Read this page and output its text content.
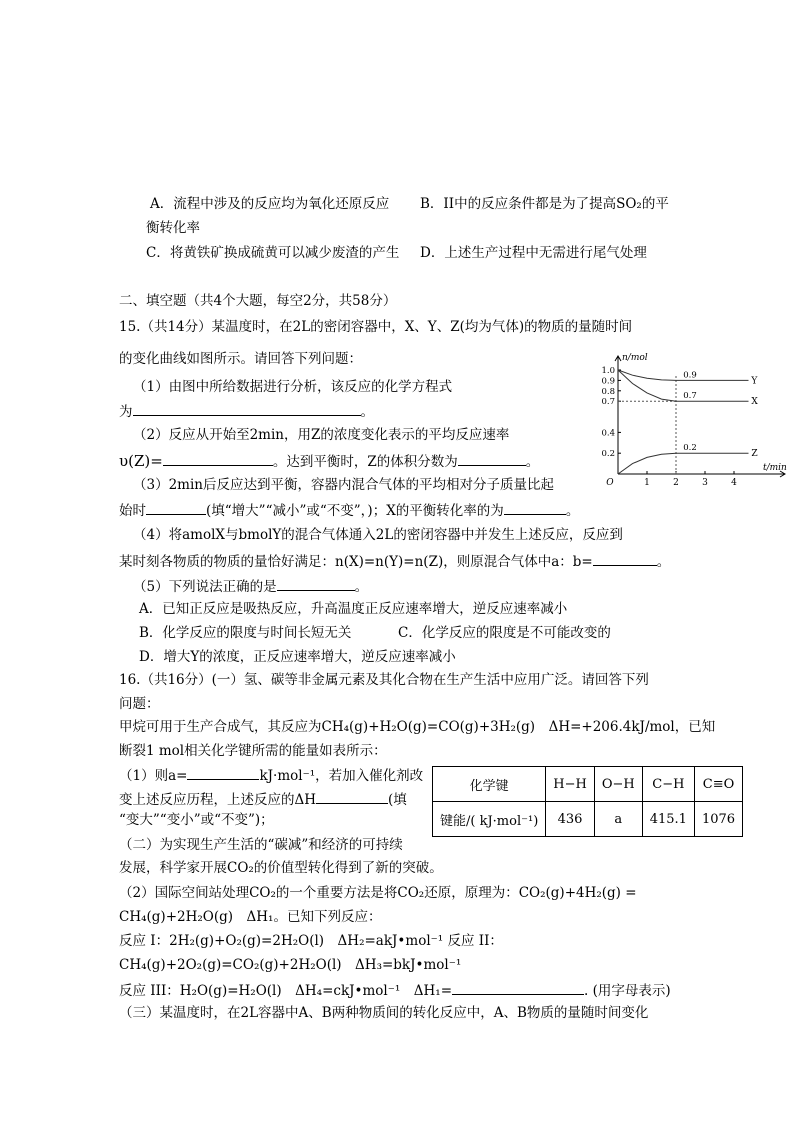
A．流程中涉及的反应均为氧化还原反应 B．II中的反应条件都是为了提高SO₂的平
衡转化率
C．将黄铁矿换成硫黄可以减少废渣的产生 D．上述生产过程中无需进行尾气处理
二、填空题（共4个大题，每空2分，共58分）
15.（共14分）某温度时，在2L的密闭容器中，X、Y、Z(均为气体)的物质的量随时间
的变化曲线如图所示。请回答下列问题：
（1）由图中所给数据进行分析，该反应的化学方程式
为	。
（2）反应从开始至2min，用Z的浓度变化表示的平均反应速率
υ(Z)=	。达到平衡时，Z的体积分数为	。
（3）2min后反应达到平衡，容器内混合气体的平均相对分子质量比起
始时	(填“增大”“减小”或“不变”，)；X的平衡转化率的为	。
（4）将amolX与bmolY的混合气体通入2L的密闭容器中并发生上述反应，反应到
某时刻各物质的物质的量恰好满足：n(X)=n(Y)=n(Z)，则原混合气体中a：b=	。
（5）下列说法正确的是	。
A．已知正反应是吸热反应，升高温度正反应速率增大，逆反应速率减小
B．化学反应的限度与时间长短无关	C．化学反应的限度是不可能改变的
D．增大Y的浓度，正反应速率增大，逆反应速率减小
n/mol
t/min
1.0
0.9
0.8
0.7
0.4
0.2
O	1	2	3	4
0.9
Y
0.7
X
0.2
Z
16.（共16分）(一）氢、碳等非金属元素及其化合物在生产生活中应用广泛。请回答下列
问题：
甲烷可用于生产合成气，其反应为CH₄(g)+H₂O(g)=CO(g)+3H₂(g)　ΔH=+206.4kJ/mol，已知
断裂1 mol相关化学键所需的能量如表所示：
（1）则a=	kJ·mol⁻¹，若加入催化剂改
变上述反应历程，上述反应的ΔH	(填
“变大”“变小”或“不变”)；
（二）为实现生产生活的“碳减”和经济的可持续
发展，科学家开展CO₂的价值型转化得到了新的突破。
（2）国际空间站处理CO₂的一个重要方法是将CO₂还原，原理为：CO₂(g)+4H₂(g) =
CH₄(g)+2H₂O(g)　ΔH₁。已知下列反应：
反应 I：2H₂(g)+O₂(g)=2H₂O(l)　ΔH₂=akJ•mol⁻¹ 反应 II：
CH₄(g)+2O₂(g)=CO₂(g)+2H₂O(l)　ΔH₃=bkJ•mol⁻¹
反应 III：H₂O(g)=H₂O(l)　ΔH₄=ckJ•mol⁻¹　ΔH₁=	. (用字母表示)
（三）某温度时，在2L容器中A、B两种物质间的转化反应中，A、B物质的量随时间变化
化学键	H−H	O−H	C−H	C≡O
键能/( kJ·mol⁻¹)	436	a	415.1	1076
